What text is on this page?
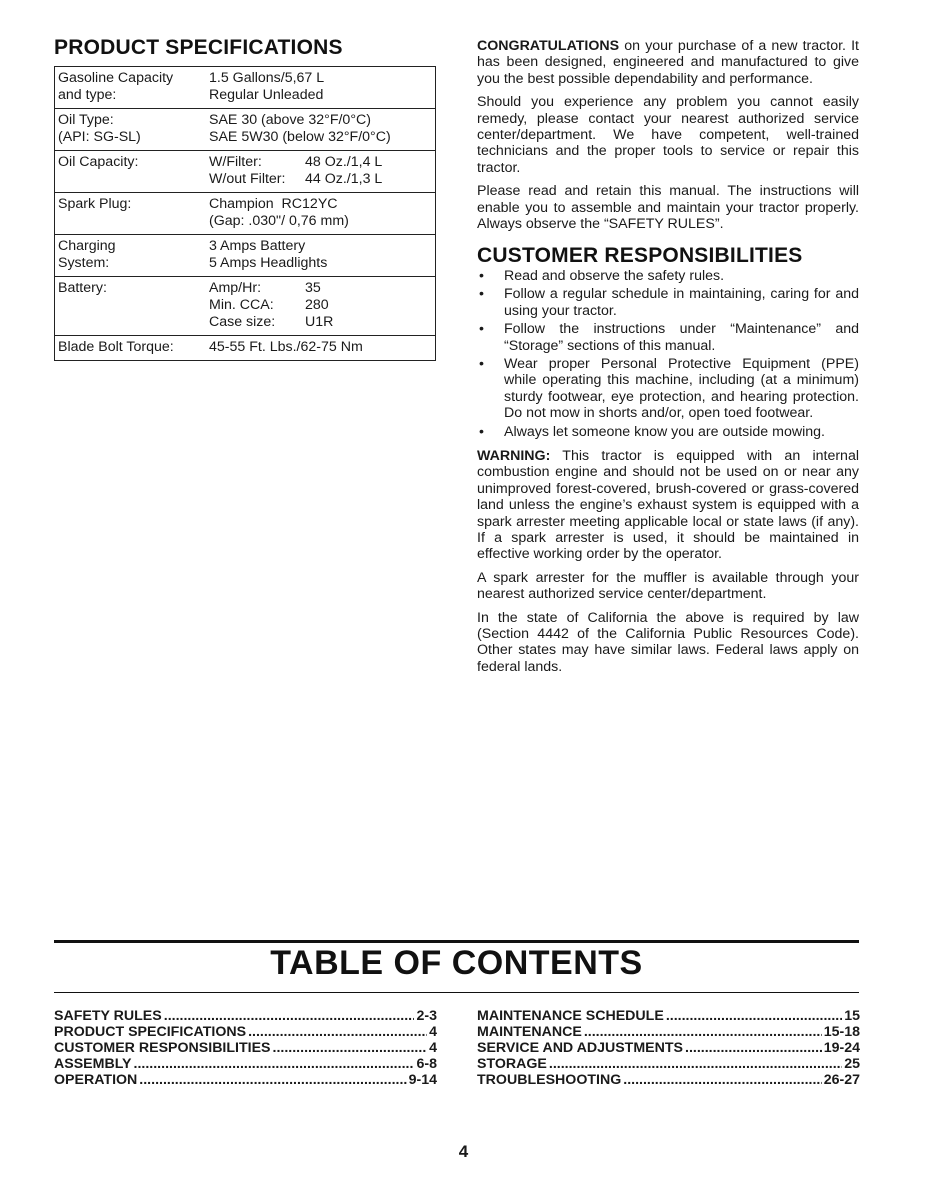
PRODUCT SPECIFICATIONS
Gasoline Capacity
and type:	1.5 Gallons/5,67 L
Regular Unleaded

Oil Type:
(API: SG-SL)	SAE 30 (above 32°F/0°C)
SAE 5W30 (below 32°F/0°C)

Oil Capacity:	W/Filter: 48 Oz./1,4 L
W/out Filter: 44 Oz./1,3 L

Spark Plug:	Champion  RC12YC
(Gap: .030"/ 0,76 mm)

Charging
System:	3 Amps Battery
5 Amps Headlights

Battery:	Amp/Hr: 35
Min. CCA: 280
Case size: U1R

Blade Bolt Torque:	45-55 Ft. Lbs./62-75 Nm

CONGRATULATIONS on your purchase of a new tractor. It has been designed, engineered and manufactured to give you the best possible dependability and performance.

Should you experience any problem you cannot easily remedy, please contact your nearest authorized service center/department. We have competent, well-trained technicians and the proper tools to service or repair this tractor.

Please read and retain this manual. The instructions will enable you to assemble and maintain your tractor properly. Always observe the “SAFETY RULES”.

CUSTOMER RESPONSIBILITIES
• Read and observe the safety rules.
• Follow a regular schedule in maintaining, caring for and using your tractor.
• Follow the instructions under “Maintenance” and “Storage” sections of this manual.
• Wear proper Personal Protective Equipment (PPE) while operating this machine, including (at a minimum) sturdy footwear, eye protection, and hearing protection. Do not mow in shorts and/or, open toed footwear.
• Always let someone know you are outside mowing.

WARNING: This tractor is equipped with an internal combustion engine and should not be used on or near any unimproved forest-covered, brush-covered or grass-covered land unless the engine’s exhaust system is equipped with a spark arrester meeting applicable local or state laws (if any). If a spark arrester is used, it should be maintained in effective working order by the operator.

A spark arrester for the muffler is available through your nearest authorized service center/department.

In the state of California the above is required by law (Section 4442 of the California Public Resources Code). Other states may have similar laws. Federal laws apply on federal lands.

TABLE OF CONTENTS
SAFETY RULES .....	2-3
PRODUCT SPECIFICATIONS .....	4
CUSTOMER RESPONSIBILITIES .....	4
ASSEMBLY .....	6-8
OPERATION .....	9-14
MAINTENANCE SCHEDULE .....	15
MAINTENANCE .....	15-18
SERVICE AND ADJUSTMENTS .....	19-24
STORAGE .....	25
TROUBLESHOOTING .....	26-27
4
